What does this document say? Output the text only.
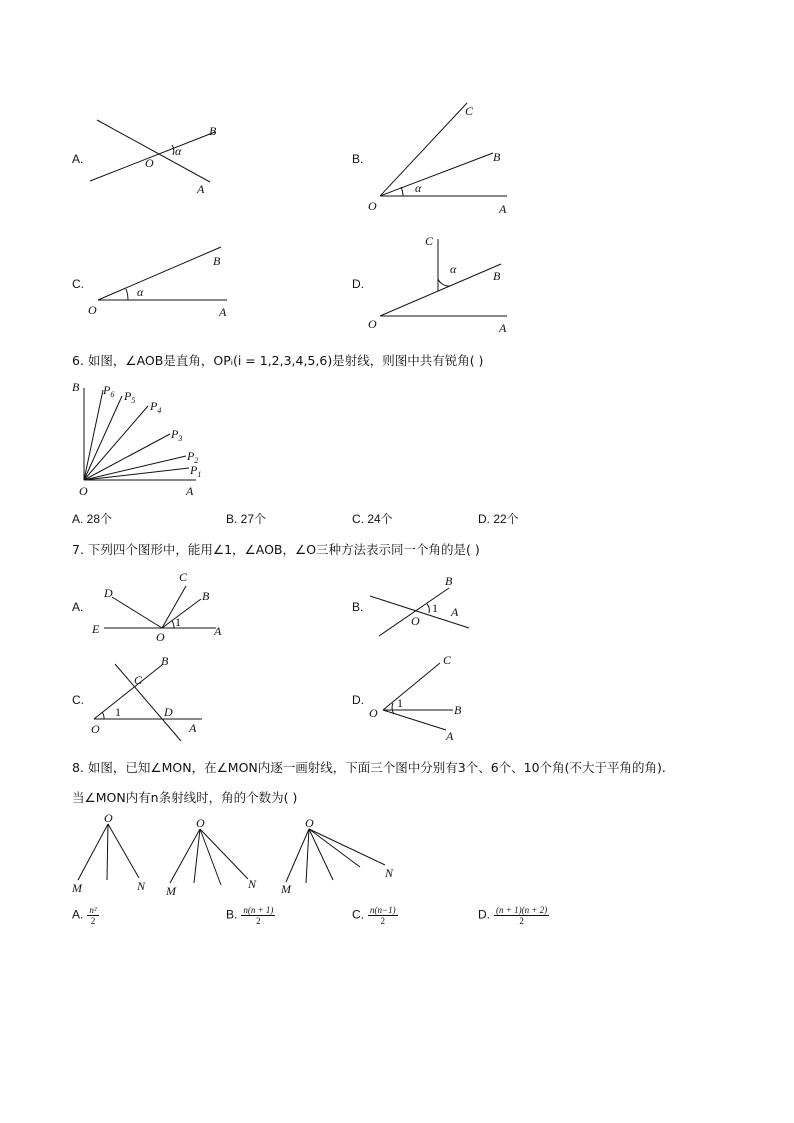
A.
B
O
A
α
B.
C
B
O	A
α
C.
B
O	A
α
D.
C
B
O	A
α
6. 如图，∠AOB是直角，OPᵢ(i = 1,2,3,4,5,6)是射线，则图中共有锐角( )
B
O	A
$P_6$ $P_5$ $P_4$
$P_3$
$P_2$
$P_1$
A. 28个	B. 27个	C. 24个	D. 22个
7. 下列四个图形中，能用∠1，∠AOB，∠O三种方法表示同一个角的是( )
A.
D
C
B
E
O	A
1
B.
B
A
O
1
C.
B
C
D
O	A
1
D.
C
B
O
A
1
8. 如图，已知∠MON，在∠MON内逐一画射线，下面三个图中分别有3个、6个、10个角(不大于平角的角).
当∠MON内有n条射线时，角的个数为( )
O
M	N
O
M	N
O
M
N
A. $\frac{\text{n²}}{2}$	B. $\frac{n(n + 1)}{2}$	C. $\frac{n(n-1)}{2}$	D. $\frac{(n + 1)(n + 2)}{2}$
